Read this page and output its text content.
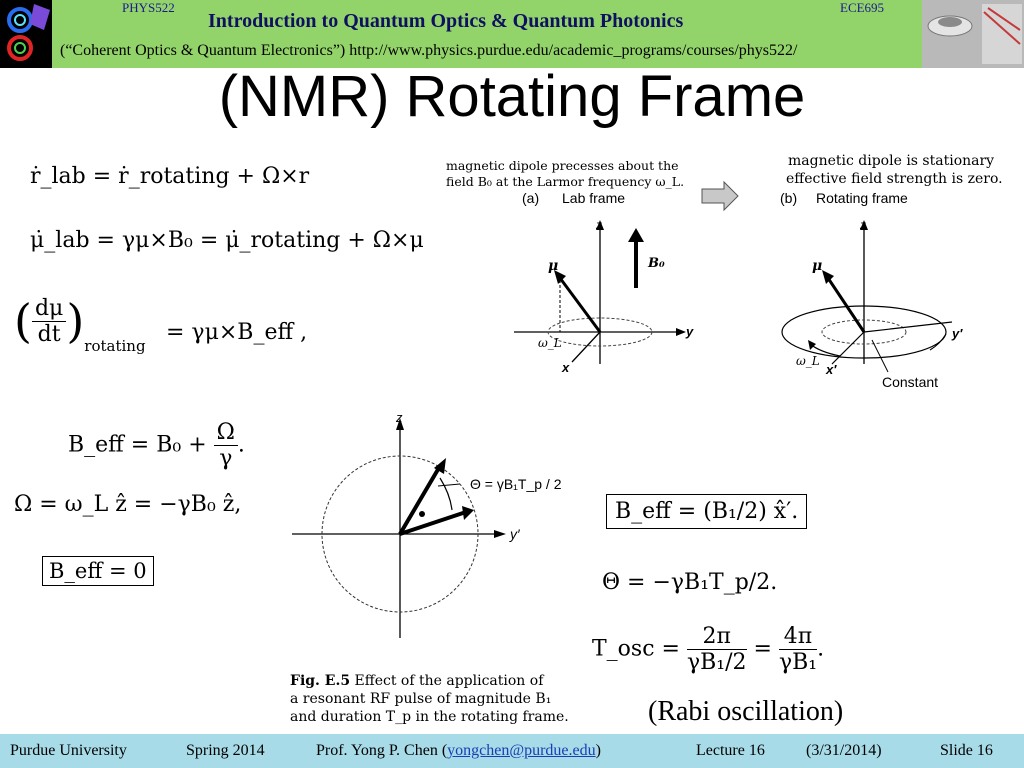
PHYS522	ECE695
Introduction to Quantum Optics & Quantum Photonics
(“Coherent Optics & Quantum Electronics”) http://www.physics.purdue.edu/academic_programs/courses/phys522/
(NMR) Rotating Frame
ṙ_lab = ṙ_rotating + Ω×r
μ̇_lab = γμ×B₀ = μ̇_rotating + Ω×μ
( $\frac{d\mu}{dt} )_{rotating}$
= γμ×B_eff ,
B_eff = $B_0 + \frac{\Omega}{\gamma}$ .
Ω = ω_L ẑ = −γB₀ ẑ,
B_eff = 0
magnetic dipole precesses about the
field B₀ at the Larmor frequency ω_L.
(a) Lab frame
z
y
x
μ
ω_L
B₀
magnetic dipole is stationary
effective field strength is zero.
(b) Rotating frame
z
y′
x′
μ
ω_L
Constant
z
y′
Θ = γB₁T_p / 2
Fig. E.5 Effect of the application of
a resonant RF pulse of magnitude B₁
and duration T_p in the rotating frame.
B_eff = (B₁/2) x̂′.
Θ = −γB₁T_p/2.
T_osc = $\frac{2\pi}{\text{γB₁/2}} = \frac{4\pi}{\text{γB₁}}$ .
(Rabi oscillation)
Purdue University	Spring 2014	Prof. Yong P. Chen (yongchen@purdue.edu)	Lecture 16	(3/31/2014)	Slide 16
